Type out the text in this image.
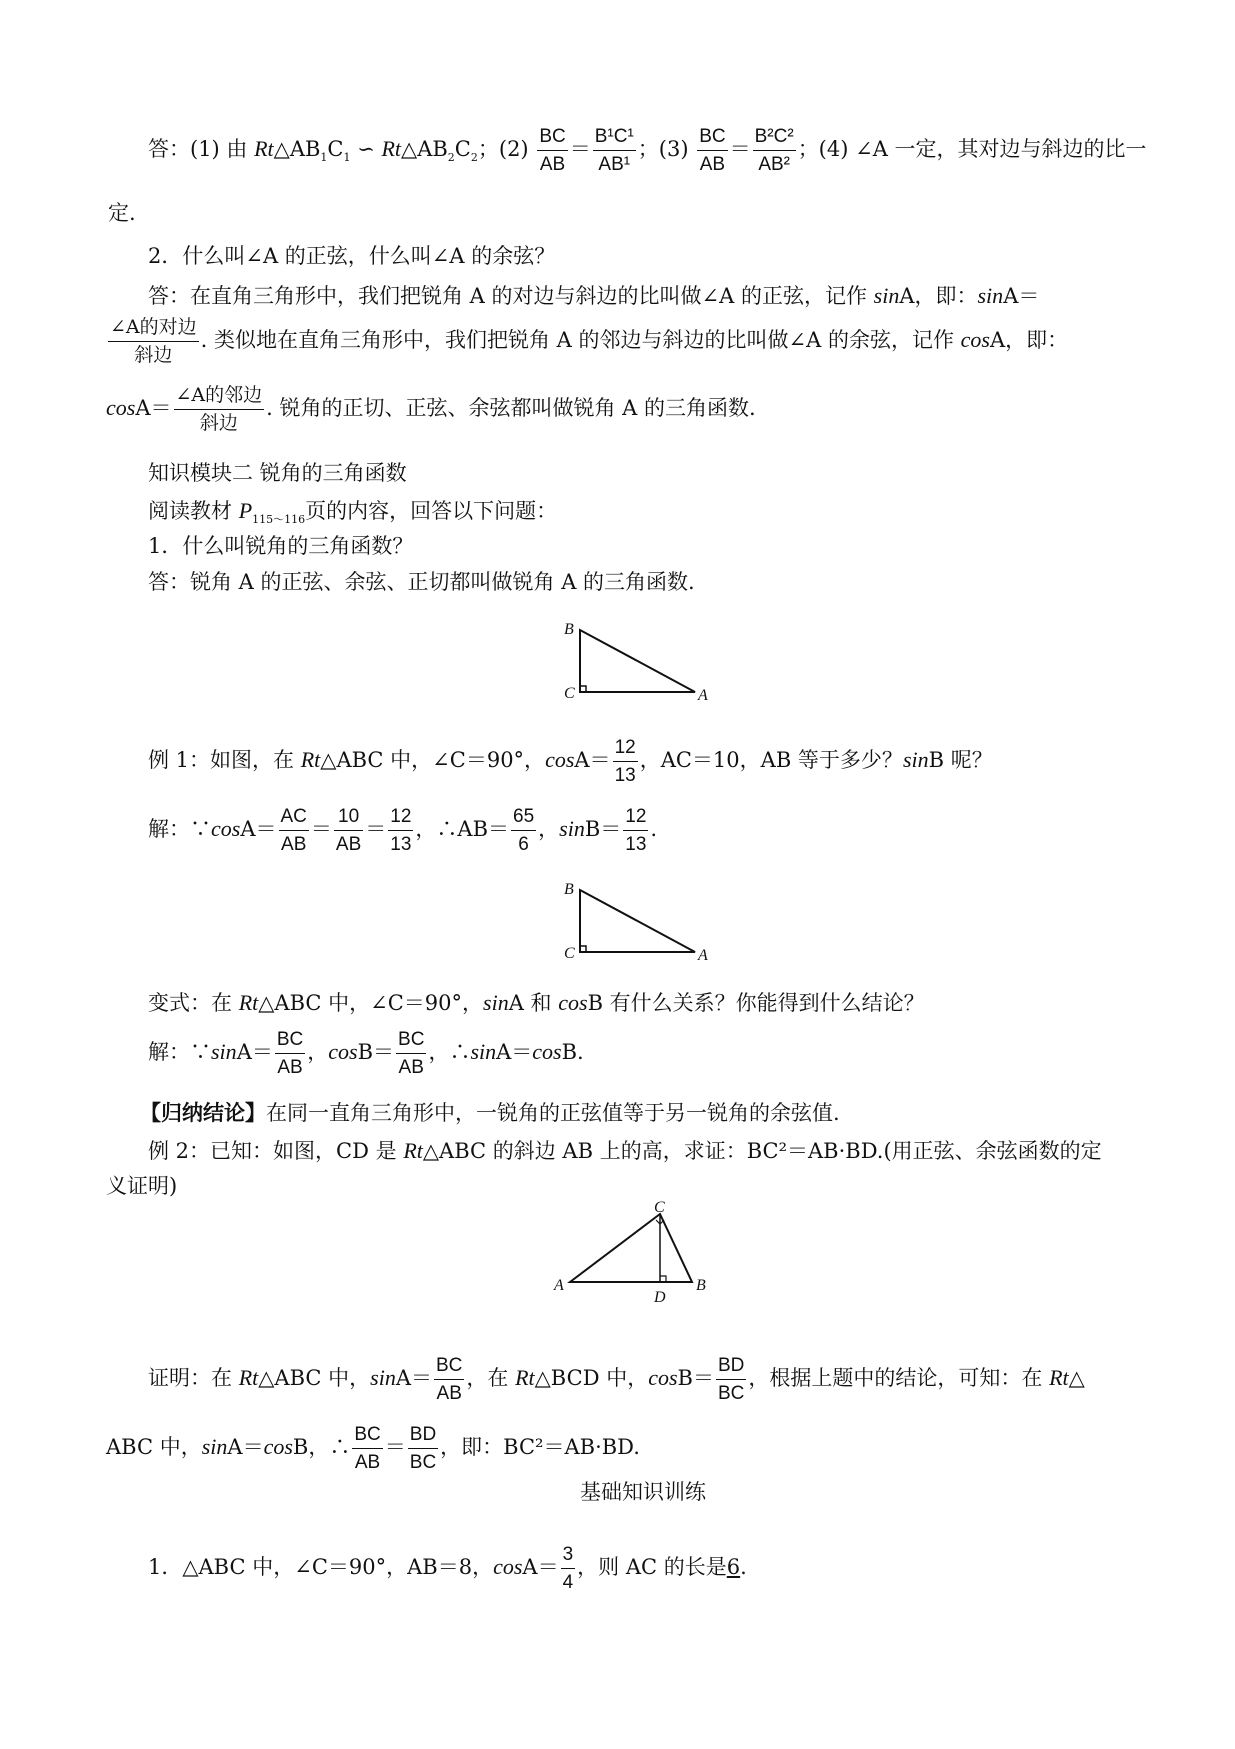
答：(1) 由 $Rt\triangle AB_1C_1$ ∽ $Rt\triangle AB_2C_2$；$(2) \frac{BC}{AB} = \frac{\text{B¹C¹}}{\text{AB¹}}$ ；$(3) \frac{BC}{AB} = \frac{\text{B²C²}}{\text{AB²}}$ ；(4) ∠A 一定，其对边与斜边的比一
定.
2．什么叫∠A 的正弦，什么叫∠A 的余弦？
答：在直角三角形中，我们把锐角 A 的对边与斜边的比叫做∠A 的正弦，记作 sinA，即：sinA＝
$\frac{\text{∠A的对边}}{\text{斜边}}$ . 类似地在直角三角形中，我们把锐角 A 的邻边与斜边的比叫做∠A 的余弦，记作 cosA，即：
$\cos A= \frac{\text{∠A的邻边}}{\text{斜边}}$ . 锐角的正切、正弦、余弦都叫做锐角 A 的三角函数.
知识模块二 锐角的三角函数
阅读教材 $P_{115\sim 116}$页的内容，回答以下问题：
1．什么叫锐角的三角函数？
答：锐角 A 的正弦、余弦、正切都叫做锐角 A 的三角函数.
B
C	A
例 1：如图，在 Rt△ABC 中，∠C＝90°，$\cos A= \frac{12}{13}$ ，AC＝10，AB 等于多少？sinB 呢？
解：∵cosA＝ $\frac{AC}{AB} = \frac{10}{AB} = \frac{12}{13}$ ，∴AB＝ $\frac{65}{6}$ ，$\sin B= \frac{12}{13}$ .
B
C	A
变式：在 Rt△ABC 中，∠C＝90°，sinA 和 cosB 有什么关系？你能得到什么结论？
解：∵sinA＝ $\frac{BC}{AB}$ ，$\cos B= \frac{BC}{AB}$ ，∴sinA＝cosB.
【归纳结论】在同一直角三角形中，一锐角的正弦值等于另一锐角的余弦值.
例 2：已知：如图，CD 是 Rt△ABC 的斜边 AB 上的高，求证：BC²＝AB·BD.(用正弦、余弦函数的定
义证明)
C
A
D
B
证明：在 Rt△ABC 中，$\sin A= \frac{BC}{AB}$ ，在 Rt△BCD 中，$\cos B= \frac{BD}{BC}$ ，根据上题中的结论，可知：在 Rt△
ABC 中，sinA＝cosB，∴ $\frac{BC}{AB} = \frac{BD}{BC}$ ，即：BC²＝AB·BD.
基础知识训练
1．△ABC 中，∠C＝90°，AB＝8，$\cos A= \frac{3}{4}$ ，则 AC 的长是6.
